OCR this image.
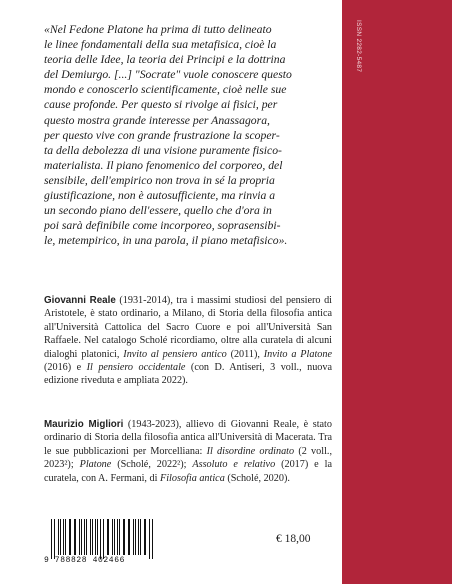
ISSN 2282-5487
«Nel Fedone Platone ha prima di tutto delineato
le linee fondamentali della sua metafisica, cioè la
teoria delle Idee, la teoria dei Principi e la dottrina
del Demiurgo. [...] "Socrate" vuole conoscere questo
mondo e conoscerlo scientificamente, cioè nelle sue
cause profonde. Per questo si rivolge ai fisici, per
questo mostra grande interesse per Anassagora,
per questo vive con grande frustrazione la scoper-
ta della debolezza di una visione puramente fisico-
materialista. Il piano fenomenico del corporeo, del
sensibile, dell'empirico non trova in sé la propria
giustificazione, non è autosufficiente, ma rinvia a
un secondo piano dell'essere, quello che d'ora in
poi sarà definibile come incorporeo, soprasensibi-
le, metempirico, in una parola, il piano metafisico».

Giovanni Reale (1931-2014), tra i massimi studiosi del pensiero di Aristotele, è stato ordinario, a Milano, di Storia della filosofia antica all'Università Cattolica del Sacro Cuore e poi all'Università San Raffaele. Nel catalogo Scholé ricordiamo, oltre alla curatela di alcuni dialoghi platonici, Invito al pensiero antico (2011), Invito a Platone (2016) e Il pensiero occidentale (con D. Antiseri, 3 voll., nuova edizione riveduta e ampliata 2022).

Maurizio Migliori (1943-2023), allievo di Giovanni Reale, è stato ordinario di Storia della filosofia antica all'Università di Macerata. Tra le sue pubblicazioni per Morcelliana: Il disordine ordinato (2 voll., 2023²); Platone (Scholé, 2022²); Assoluto e relativo (2017) e la curatela, con A. Fermani, di Filosofia antica (Scholé, 2020).

9 788828 402466
€ 18,00
